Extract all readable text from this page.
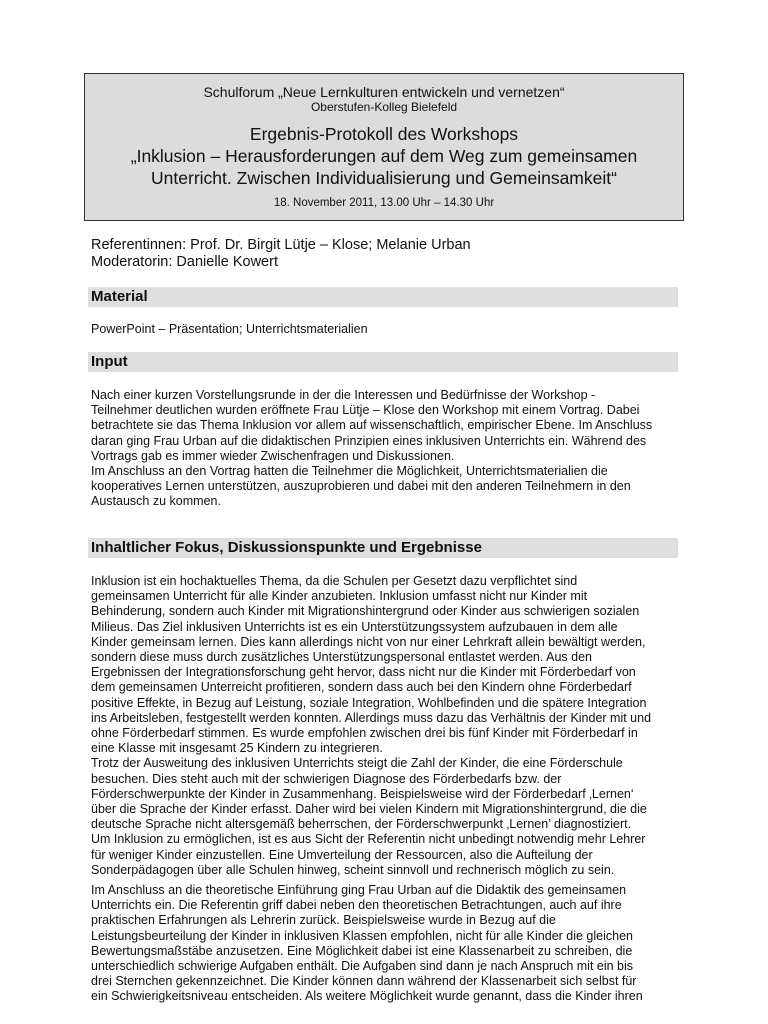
Schulforum „Neue Lernkulturen entwickeln und vernetzen“
Oberstufen-Kolleg Bielefeld
Ergebnis-Protokoll des Workshops
„Inklusion – Herausforderungen auf dem Weg zum gemeinsamen
Unterricht. Zwischen Individualisierung und Gemeinsamkeit“
18. November 2011, 13.00 Uhr – 14.30 Uhr
Referentinnen: Prof. Dr. Birgit Lütje – Klose; Melanie Urban
Moderatorin: Danielle Kowert
Material
PowerPoint – Präsentation; Unterrichtsmaterialien
Input

Nach einer kurzen Vorstellungsrunde in der die Interessen und Bedürfnisse der Workshop -

Teilnehmer deutlichen wurden eröffnete Frau Lütje – Klose den Workshop mit einem Vortrag. Dabei

betrachtete sie das Thema Inklusion vor allem auf wissenschaftlich, empirischer Ebene. Im Anschluss

daran ging Frau Urban auf die didaktischen Prinzipien eines inklusiven Unterrichts ein. Während des

Vortrags gab es immer wieder Zwischenfragen und Diskussionen.

Im Anschluss an den Vortrag hatten die Teilnehmer die Möglichkeit, Unterrichtsmaterialien die

kooperatives Lernen unterstützen, auszuprobieren und dabei mit den anderen Teilnehmern in den

Austausch zu kommen.

Inhaltlicher Fokus, Diskussionspunkte und Ergebnisse

Inklusion ist ein hochaktuelles Thema, da die Schulen per Gesetzt dazu verpflichtet sind

gemeinsamen Unterricht für alle Kinder anzubieten. Inklusion umfasst nicht nur Kinder mit

Behinderung, sondern auch Kinder mit Migrationshintergrund oder Kinder aus schwierigen sozialen

Milieus. Das Ziel inklusiven Unterrichts ist es ein Unterstützungssystem aufzubauen in dem alle

Kinder gemeinsam lernen. Dies kann allerdings nicht von nur einer Lehrkraft allein bewältigt werden,

sondern diese muss durch zusätzliches Unterstützungspersonal entlastet werden. Aus den

Ergebnissen der Integrationsforschung geht hervor, dass nicht nur die Kinder mit Förderbedarf von

dem gemeinsamen Unterreicht profitieren, sondern dass auch bei den Kindern ohne Förderbedarf

positive Effekte, in Bezug auf Leistung, soziale Integration, Wohlbefinden und die spätere Integration

ins Arbeitsleben, festgestellt werden konnten. Allerdings muss dazu das Verhältnis der Kinder mit und

ohne Förderbedarf stimmen. Es wurde empfohlen zwischen drei bis fünf Kinder mit Förderbedarf in

eine Klasse mit insgesamt 25 Kindern zu integrieren.

Trotz der Ausweitung des inklusiven Unterrichts steigt die Zahl der Kinder, die eine Förderschule

besuchen. Dies steht auch mit der schwierigen Diagnose des Förderbedarfs bzw. der

Förderschwerpunkte der Kinder in Zusammenhang. Beispielsweise wird der Förderbedarf ‚Lernen‘

über die Sprache der Kinder erfasst. Daher wird bei vielen Kindern mit Migrationshintergrund, die die

deutsche Sprache nicht altersgemäß beherrschen, der Förderschwerpunkt ‚Lernen’ diagnostiziert.

Um Inklusion zu ermöglichen, ist es aus Sicht der Referentin nicht unbedingt notwendig mehr Lehrer

für weniger Kinder einzustellen. Eine Umverteilung der Ressourcen, also die Aufteilung der

Sonderpädagogen über alle Schulen hinweg, scheint sinnvoll und rechnerisch möglich zu sein.

Im Anschluss an die theoretische Einführung ging Frau Urban auf die Didaktik des gemeinsamen

Unterrichts ein. Die Referentin griff dabei neben den theoretischen Betrachtungen, auch auf ihre

praktischen Erfahrungen als Lehrerin zurück. Beispielsweise wurde in Bezug auf die

Leistungsbeurteilung der Kinder in inklusiven Klassen empfohlen, nicht für alle Kinder die gleichen

Bewertungsmaßstäbe anzusetzen. Eine Möglichkeit dabei ist eine Klassenarbeit zu schreiben, die

unterschiedlich schwierige Aufgaben enthält. Die Aufgaben sind dann je nach Anspruch mit ein bis

drei Sternchen gekennzeichnet. Die Kinder können dann während der Klassenarbeit sich selbst für

ein Schwierigkeitsniveau entscheiden. Als weitere Möglichkeit wurde genannt, dass die Kinder ihren
